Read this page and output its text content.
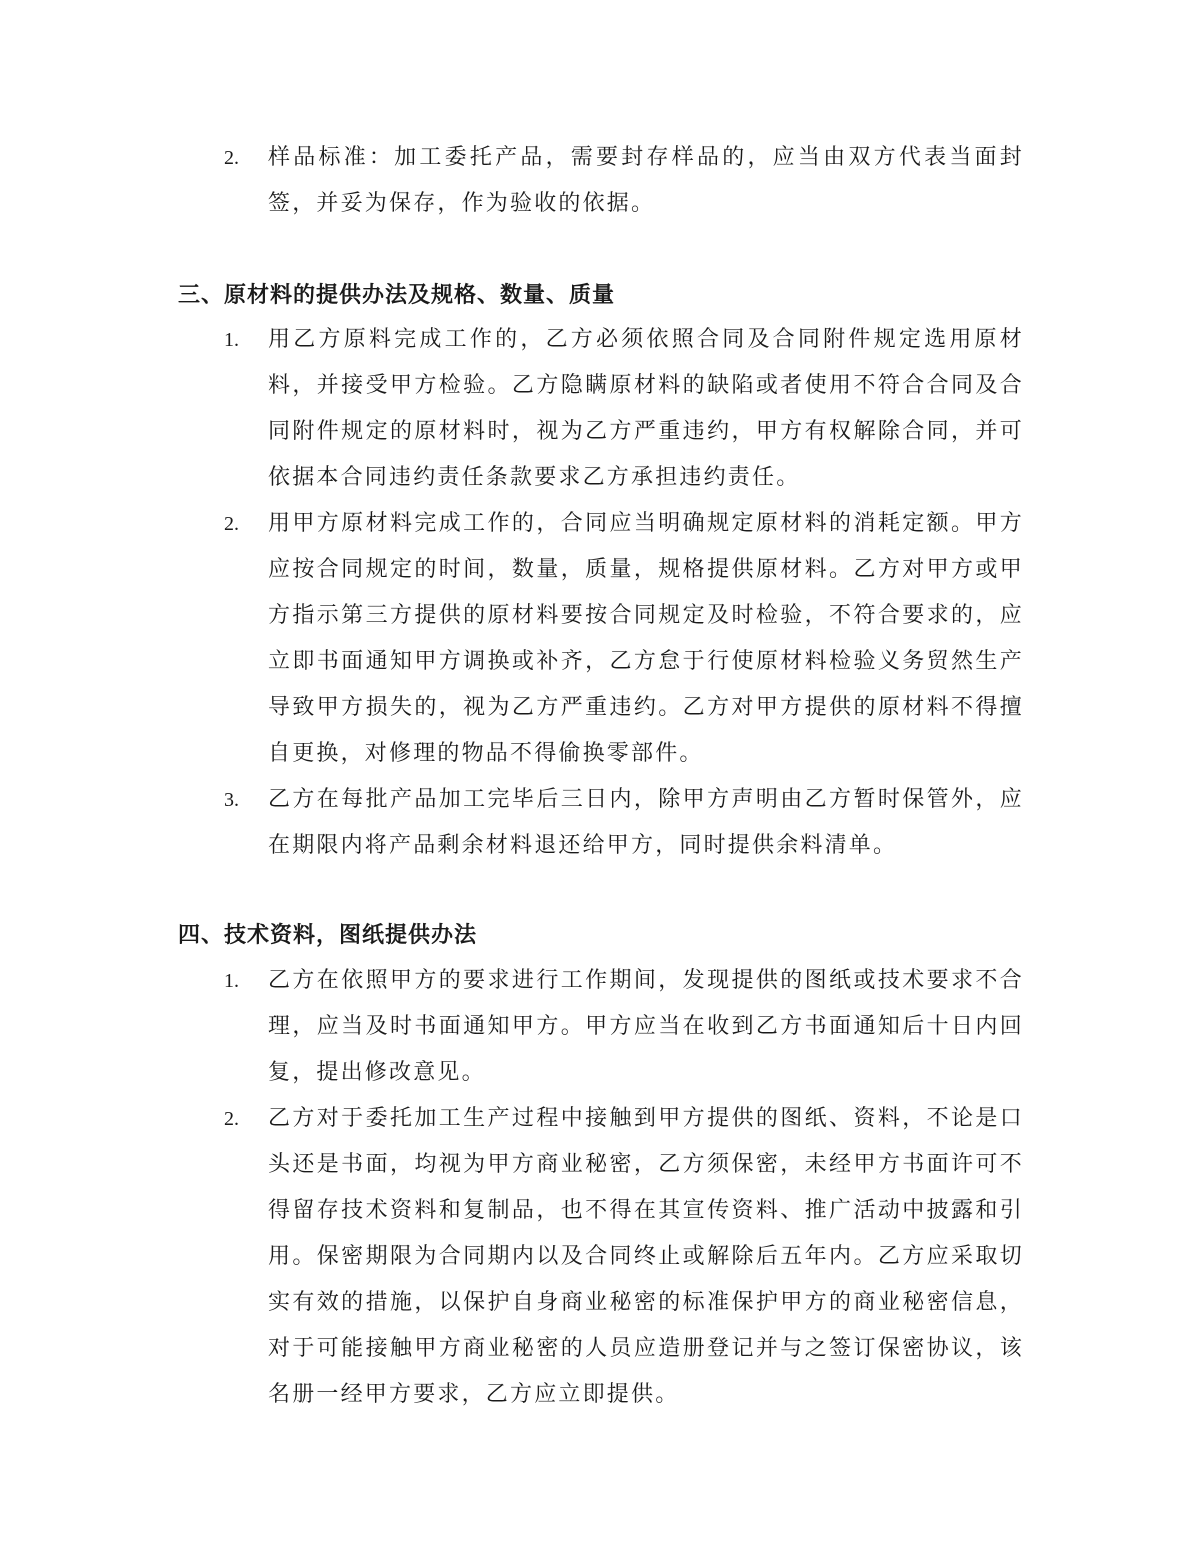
2. 样品标准：加工委托产品，需要封存样品的，应当由双方代表当面封签，并妥为保存，作为验收的依据。
三、原材料的提供办法及规格、数量、质量
1. 用乙方原料完成工作的，乙方必须依照合同及合同附件规定选用原材料，并接受甲方检验。乙方隐瞒原材料的缺陷或者使用不符合合同及合同附件规定的原材料时，视为乙方严重违约，甲方有权解除合同，并可依据本合同违约责任条款要求乙方承担违约责任。
2. 用甲方原材料完成工作的，合同应当明确规定原材料的消耗定额。甲方应按合同规定的时间，数量，质量，规格提供原材料。乙方对甲方或甲方指示第三方提供的原材料要按合同规定及时检验，不符合要求的，应立即书面通知甲方调换或补齐，乙方怠于行使原材料检验义务贸然生产导致甲方损失的，视为乙方严重违约。乙方对甲方提供的原材料不得擅自更换，对修理的物品不得偷换零部件。
3. 乙方在每批产品加工完毕后三日内，除甲方声明由乙方暂时保管外，应在期限内将产品剩余材料退还给甲方，同时提供余料清单。
四、技术资料，图纸提供办法
1. 乙方在依照甲方的要求进行工作期间，发现提供的图纸或技术要求不合理，应当及时书面通知甲方。甲方应当在收到乙方书面通知后十日内回复，提出修改意见。
2. 乙方对于委托加工生产过程中接触到甲方提供的图纸、资料，不论是口头还是书面，均视为甲方商业秘密，乙方须保密，未经甲方书面许可不得留存技术资料和复制品，也不得在其宣传资料、推广活动中披露和引用。保密期限为合同期内以及合同终止或解除后五年内。乙方应采取切实有效的措施，以保护自身商业秘密的标准保护甲方的商业秘密信息，对于可能接触甲方商业秘密的人员应造册登记并与之签订保密协议，该名册一经甲方要求，乙方应立即提供。
